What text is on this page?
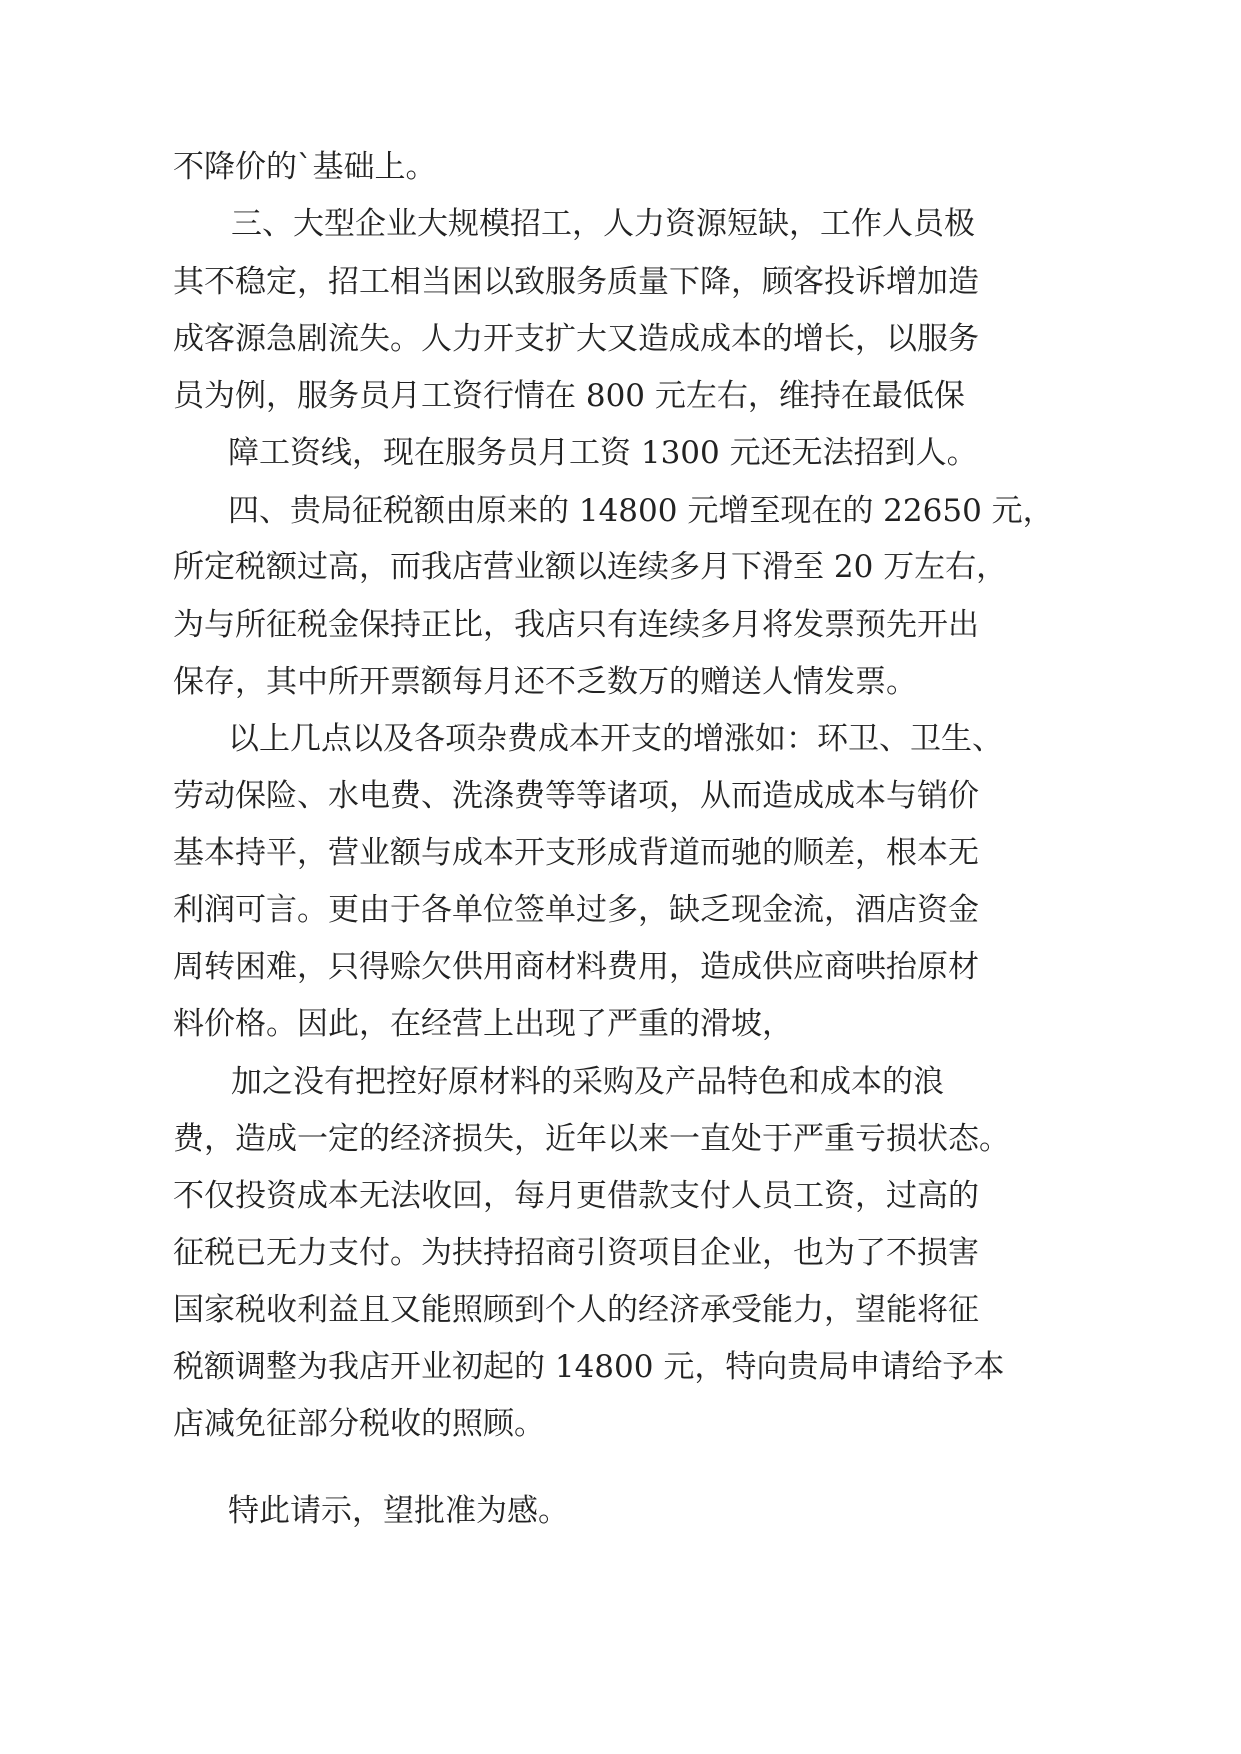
不降价的`基础上。

三、大型企业大规模招工，人力资源短缺，工作人员极

其不稳定，招工相当困以致服务质量下降，顾客投诉增加造

成客源急剧流失。人力开支扩大又造成成本的增长，以服务

员为例，服务员月工资行情在 800 元左右，维持在最低保

障工资线，现在服务员月工资 1300 元还无法招到人。

四、贵局征税额由原来的 14800 元增至现在的 22650 元，

所定税额过高，而我店营业额以连续多月下滑至 20 万左右，

为与所征税金保持正比，我店只有连续多月将发票预先开出

保存，其中所开票额每月还不乏数万的赠送人情发票。

以上几点以及各项杂费成本开支的增涨如：环卫、卫生、

劳动保险、水电费、洗涤费等等诸项，从而造成成本与销价

基本持平，营业额与成本开支形成背道而驰的顺差，根本无

利润可言。更由于各单位签单过多，缺乏现金流，酒店资金

周转困难，只得赊欠供用商材料费用，造成供应商哄抬原材

料价格。因此，在经营上出现了严重的滑坡，

加之没有把控好原材料的采购及产品特色和成本的浪

费，造成一定的经济损失，近年以来一直处于严重亏损状态。

不仅投资成本无法收回，每月更借款支付人员工资，过高的

征税已无力支付。为扶持招商引资项目企业，也为了不损害

国家税收利益且又能照顾到个人的经济承受能力，望能将征

税额调整为我店开业初起的 14800 元，特向贵局申请给予本

店减免征部分税收的照顾。

特此请示，望批准为感。
